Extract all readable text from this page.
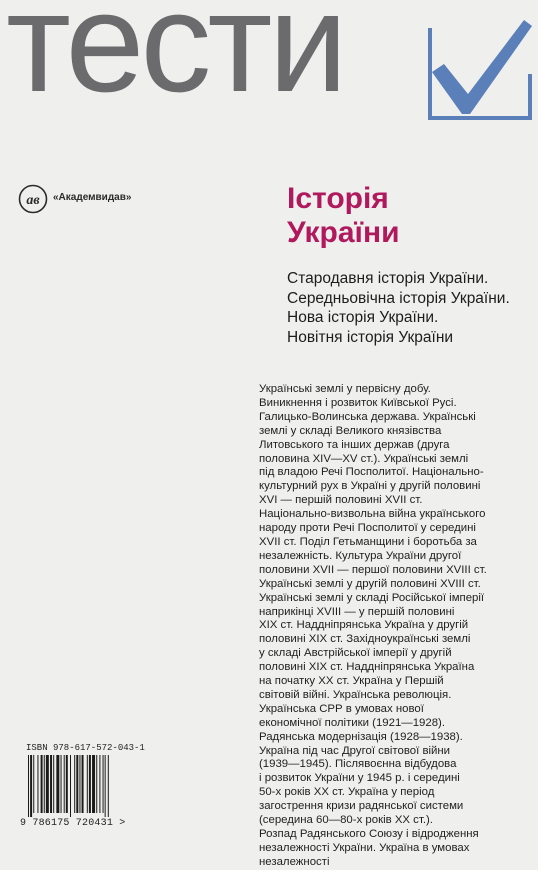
тести
ав «Академвидав»	Історія
України
Стародавня історія України.
Середньовічна історія України.
Нова історія України.
Новітня історія України
Українські землі у первісну добу.
Виникнення і розвиток Київської Русі.
Галицько-Волинська держава. Українські
землі у складі Великого князівства
Литовського та інших держав (друга
половина XIV—XV ст.). Українські землі
під владою Речі Посполитої. Національно-
культурний рух в Україні у другій половині
XVI — першій половині XVII ст.
Національно-визвольна війна українського
народу проти Речі Посполитої у середині
XVII ст. Поділ Гетьманщини і боротьба за
незалежність. Культура України другої
половини XVII — першої половини XVIII ст.
Українські землі у другій половині XVIII ст.
Українські землі у складі Російської імперії
наприкінці XVIII — у першій половині
XIX ст. Наддніпрянська Україна у другій
половині XIX ст. Західноукраїнські землі
у складі Австрійської імперії у другій
половині XIX ст. Наддніпрянська Україна
на початку XX ст. Україна у Першій
світовій війні. Українська революція.
Українська СРР в умовах нової
економічної політики (1921—1928).
Радянська модернізація (1928—1938).
Україна під час Другої світової війни
(1939—1945). Післявоєнна відбудова
і розвиток України у 1945 р. і середині
50-х років XX ст. Україна у період
загострення кризи радянської системи
(середина 60—80-х років XX ст.).
Розпад Радянського Союзу і відродження
незалежності України. Україна в умовах
незалежності
ISBN 978-617-572-043-1
9 786175 720431 >
